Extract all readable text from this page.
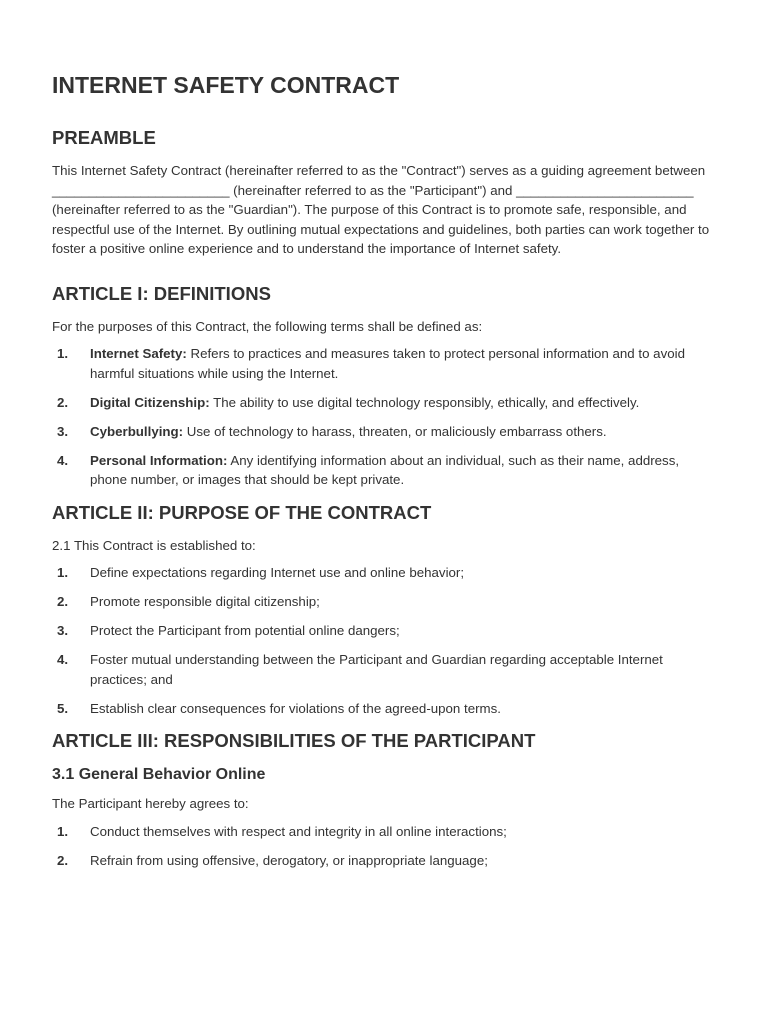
INTERNET SAFETY CONTRACT
PREAMBLE

This Internet Safety Contract (hereinafter referred to as the "Contract") serves as a guiding agreement between ________________________ (hereinafter referred to as the "Participant") and ________________________ (hereinafter referred to as the "Guardian"). The purpose of this Contract is to promote safe, responsible, and respectful use of the Internet. By outlining mutual expectations and guidelines, both parties can work together to foster a positive online experience and to understand the importance of Internet safety.

ARTICLE I: DEFINITIONS

For the purposes of this Contract, the following terms shall be defined as:

1. Internet Safety: Refers to practices and measures taken to protect personal information and to avoid harmful situations while using the Internet.
2. Digital Citizenship: The ability to use digital technology responsibly, ethically, and effectively.
3. Cyberbullying: Use of technology to harass, threaten, or maliciously embarrass others.
4. Personal Information: Any identifying information about an individual, such as their name, address, phone number, or images that should be kept private.
ARTICLE II: PURPOSE OF THE CONTRACT

2.1 This Contract is established to:

1. Define expectations regarding Internet use and online behavior;
2. Promote responsible digital citizenship;
3. Protect the Participant from potential online dangers;
4. Foster mutual understanding between the Participant and Guardian regarding acceptable Internet practices; and
5. Establish clear consequences for violations of the agreed-upon terms.
ARTICLE III: RESPONSIBILITIES OF THE PARTICIPANT
3.1 General Behavior Online

The Participant hereby agrees to:

1. Conduct themselves with respect and integrity in all online interactions;
2. Refrain from using offensive, derogatory, or inappropriate language;
